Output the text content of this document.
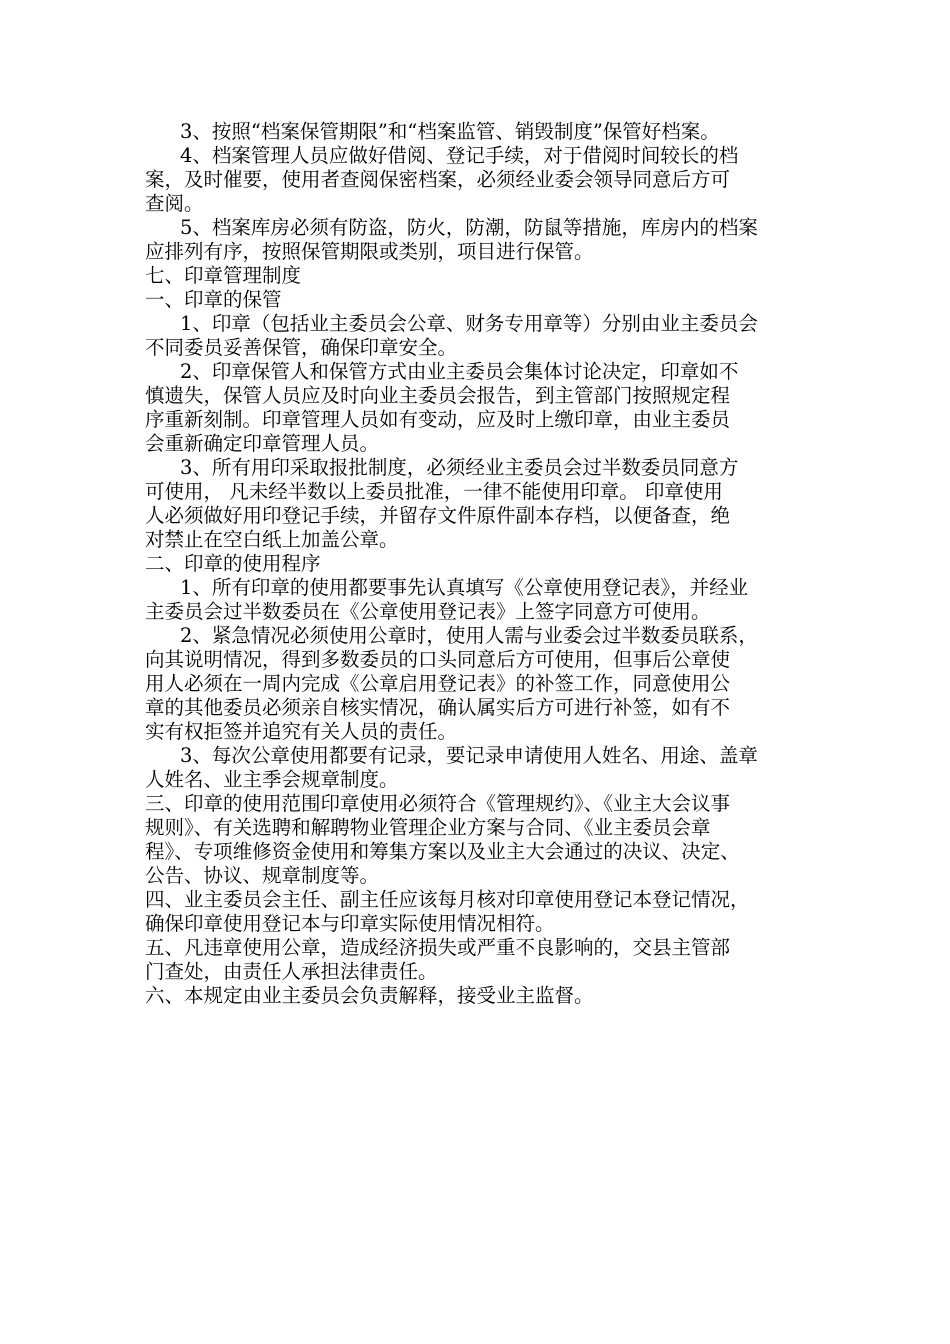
3、按照“档案保管期限”和“档案监管、销毁制度”保管好档案。
4、档案管理人员应做好借阅、登记手续，对于借阅时间较长的档
案，及时催要，使用者查阅保密档案，必须经业委会领导同意后方可
查阅。
5、档案库房必须有防盗，防火，防潮，防鼠等措施，库房内的档案
应排列有序，按照保管期限或类别，项目进行保管。
七、印章管理制度
一、印章的保管
1、印章（包括业主委员会公章、财务专用章等）分别由业主委员会
不同委员妥善保管，确保印章安全。
2、印章保管人和保管方式由业主委员会集体讨论决定，印章如不
慎遗失，保管人员应及时向业主委员会报告，到主管部门按照规定程
序重新刻制。印章管理人员如有变动，应及时上缴印章，由业主委员
会重新确定印章管理人员。
3、所有用印采取报批制度，必须经业主委员会过半数委员同意方
可使用， 凡未经半数以上委员批准，一律不能使用印章。 印章使用
人必须做好用印登记手续，并留存文件原件副本存档，以便备查，绝
对禁止在空白纸上加盖公章。
二、印章的使用程序
1、所有印章的使用都要事先认真填写《公章使用登记表》，并经业
主委员会过半数委员在《公章使用登记表》上签字同意方可使用。
2、紧急情况必须使用公章时，使用人需与业委会过半数委员联系，
向其说明情况，得到多数委员的口头同意后方可使用，但事后公章使
用人必须在一周内完成《公章启用登记表》的补签工作，同意使用公
章的其他委员必须亲自核实情况，确认属实后方可进行补签，如有不
实有权拒签并追究有关人员的责任。
3、每次公章使用都要有记录，要记录申请使用人姓名、用途、盖章
人姓名、业主季会规章制度。
三、印章的使用范围印章使用必须符合《管理规约》、《业主大会议事
规则》、有关选聘和解聘物业管理企业方案与合同、《业主委员会章
程》、专项维修资金使用和筹集方案以及业主大会通过的决议、决定、
公告、协议、规章制度等。
四、业主委员会主任、副主任应该每月核对印章使用登记本登记情况，
确保印章使用登记本与印章实际使用情况相符。
五、凡违章使用公章，造成经济损失或严重不良影响的，交县主管部
门查处，由责任人承担法律责任。
六、本规定由业主委员会负责解释，接受业主监督。
